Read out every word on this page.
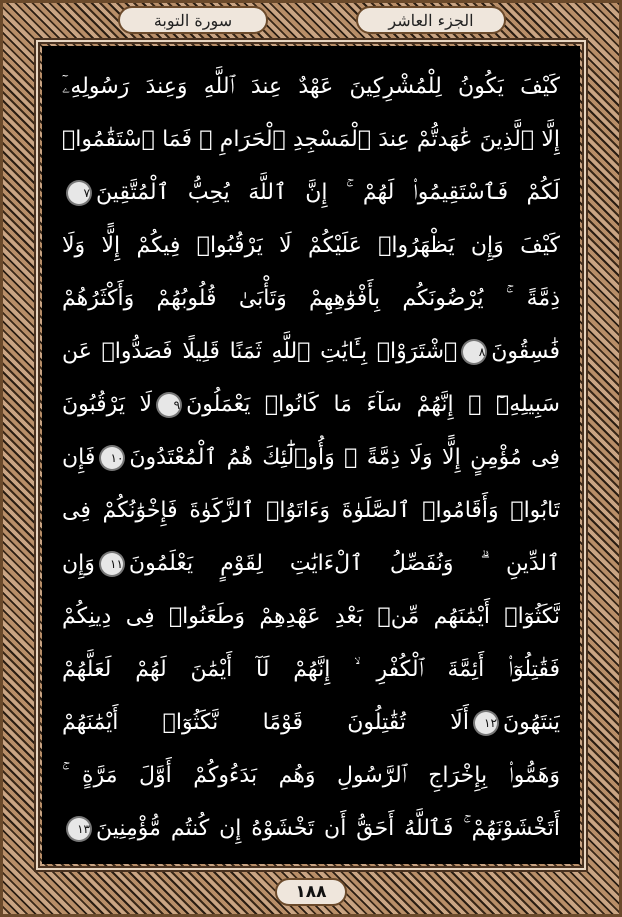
سورة التوبة	الجزء العاشر
كَيْفَ يَكُونُ لِلْمُشْرِكِينَ عَهْدٌ عِندَ ٱللَّهِ وَعِندَ رَسُولِهِۦٓ
إِلَّا ٱلَّذِينَ عَٰهَدتُّمْ عِندَ ٱلْمَسْجِدِ ٱلْحَرَامِ ۖ فَمَا ٱسْتَقَٰمُوا۟
لَكُمْ فَٱسْتَقِيمُوا۟ لَهُمْ ۚ إِنَّ ٱللَّهَ يُحِبُّ ٱلْمُتَّقِينَ٧
كَيْفَ وَإِن يَظْهَرُوا۟ عَلَيْكُمْ لَا يَرْقُبُوا۟ فِيكُمْ إِلًّا وَلَا
ذِمَّةً ۚ يُرْضُونَكُم بِأَفْوَٰهِهِمْ وَتَأْبَىٰ قُلُوبُهُمْ وَأَكْثَرُهُمْ
فَٰسِقُونَ٨ٱشْتَرَوْا۟ بِـَٔايَٰتِ ٱللَّهِ ثَمَنًا قَلِيلًا فَصَدُّوا۟ عَن
سَبِيلِهِۦٓ ۚ إِنَّهُمْ سَآءَ مَا كَانُوا۟ يَعْمَلُونَ٩لَا يَرْقُبُونَ
فِى مُؤْمِنٍ إِلًّا وَلَا ذِمَّةً ۚ وَأُو۟لَٰٓئِكَ هُمُ ٱلْمُعْتَدُونَ١٠فَإِن
تَابُوا۟ وَأَقَامُوا۟ ٱلصَّلَوٰةَ وَءَاتَوُا۟ ٱلزَّكَوٰةَ فَإِخْوَٰنُكُمْ فِى
ٱلدِّينِ ۗ وَنُفَصِّلُ ٱلْءَايَٰتِ لِقَوْمٍ يَعْلَمُونَ١١وَإِن
نَّكَثُوٓا۟ أَيْمَٰنَهُم مِّنۢ بَعْدِ عَهْدِهِمْ وَطَعَنُوا۟ فِى دِينِكُمْ
فَقَٰتِلُوٓا۟ أَئِمَّةَ ٱلْكُفْرِ ۙ إِنَّهُمْ لَآ أَيْمَٰنَ لَهُمْ لَعَلَّهُمْ
يَنتَهُونَ١٢أَلَا تُقَٰتِلُونَ قَوْمًا نَّكَثُوٓا۟ أَيْمَٰنَهُمْ
وَهَمُّوا۟ بِإِخْرَاجِ ٱلرَّسُولِ وَهُم بَدَءُوكُمْ أَوَّلَ مَرَّةٍ ۚ
أَتَخْشَوْنَهُمْ ۚ فَٱللَّهُ أَحَقُّ أَن تَخْشَوْهُ إِن كُنتُم مُّؤْمِنِينَ١٣
١٨٨
